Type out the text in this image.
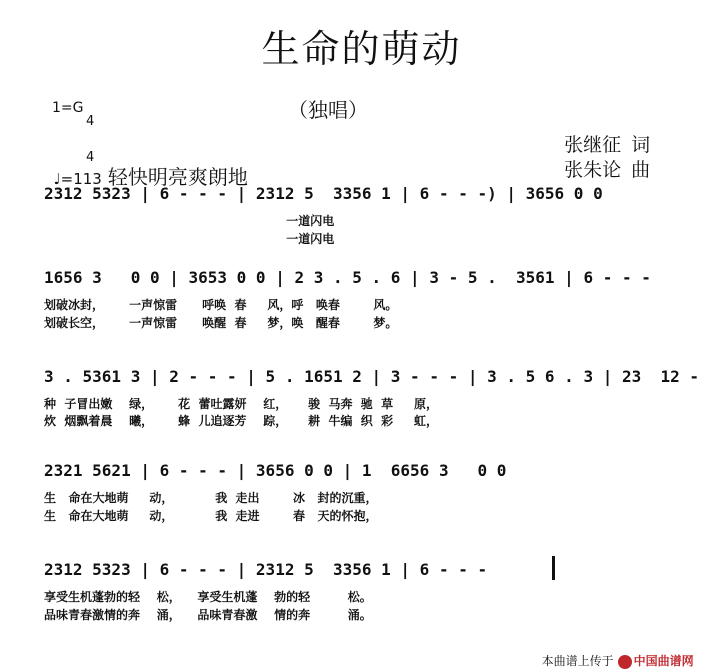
生命的萌动
（独唱）
1=G

4

4

♩=113 轻快明亮爽朗地

张继征 词

张朱论 曲

2312 5323 | 6 - - - | 2312 5  3356 1 | 6 - - -) | 3656 0 0
一道闪电
一道闪电
1656 3   0 0 | 3653 0 0 | 2 3 . 5 . 6 | 3 - 5 .  3561 | 6 - - -
划破冰封，      一声惊雷      呼唤  春     风，呼   唤春        风。
划破长空，      一声惊雷      唤醒  春     梦，唤   醒春        梦。
3 . 5361 3 | 2 - - - | 5 . 1651 2 | 3 - - - | 3 . 5 6 . 3 | 23  12 -
种  子冒出嫩    绿，      花  蕾吐露妍    红，     骏  马奔  驰  草     原，
炊  烟飘着晨    曦，      蜂  儿追逐芳    踪，     耕  牛编  织  彩     虹，
2321 5621 | 6 - - - | 3656 0 0 | 1  6656 3   0 0
生   命在大地萌     动，          我  走出        冰   封的沉重，
生   命在大地萌     动，          我  走进        春   天的怀抱，
2312 5323 | 6 - - - | 2312 5  3356 1 | 6 - - -
享受生机蓬勃的轻    松，    享受生机蓬    勃的轻         松。
品味青春激情的奔    涌，    品味青春激    情的奔         涌。

本曲谱上传于 中国曲谱网
